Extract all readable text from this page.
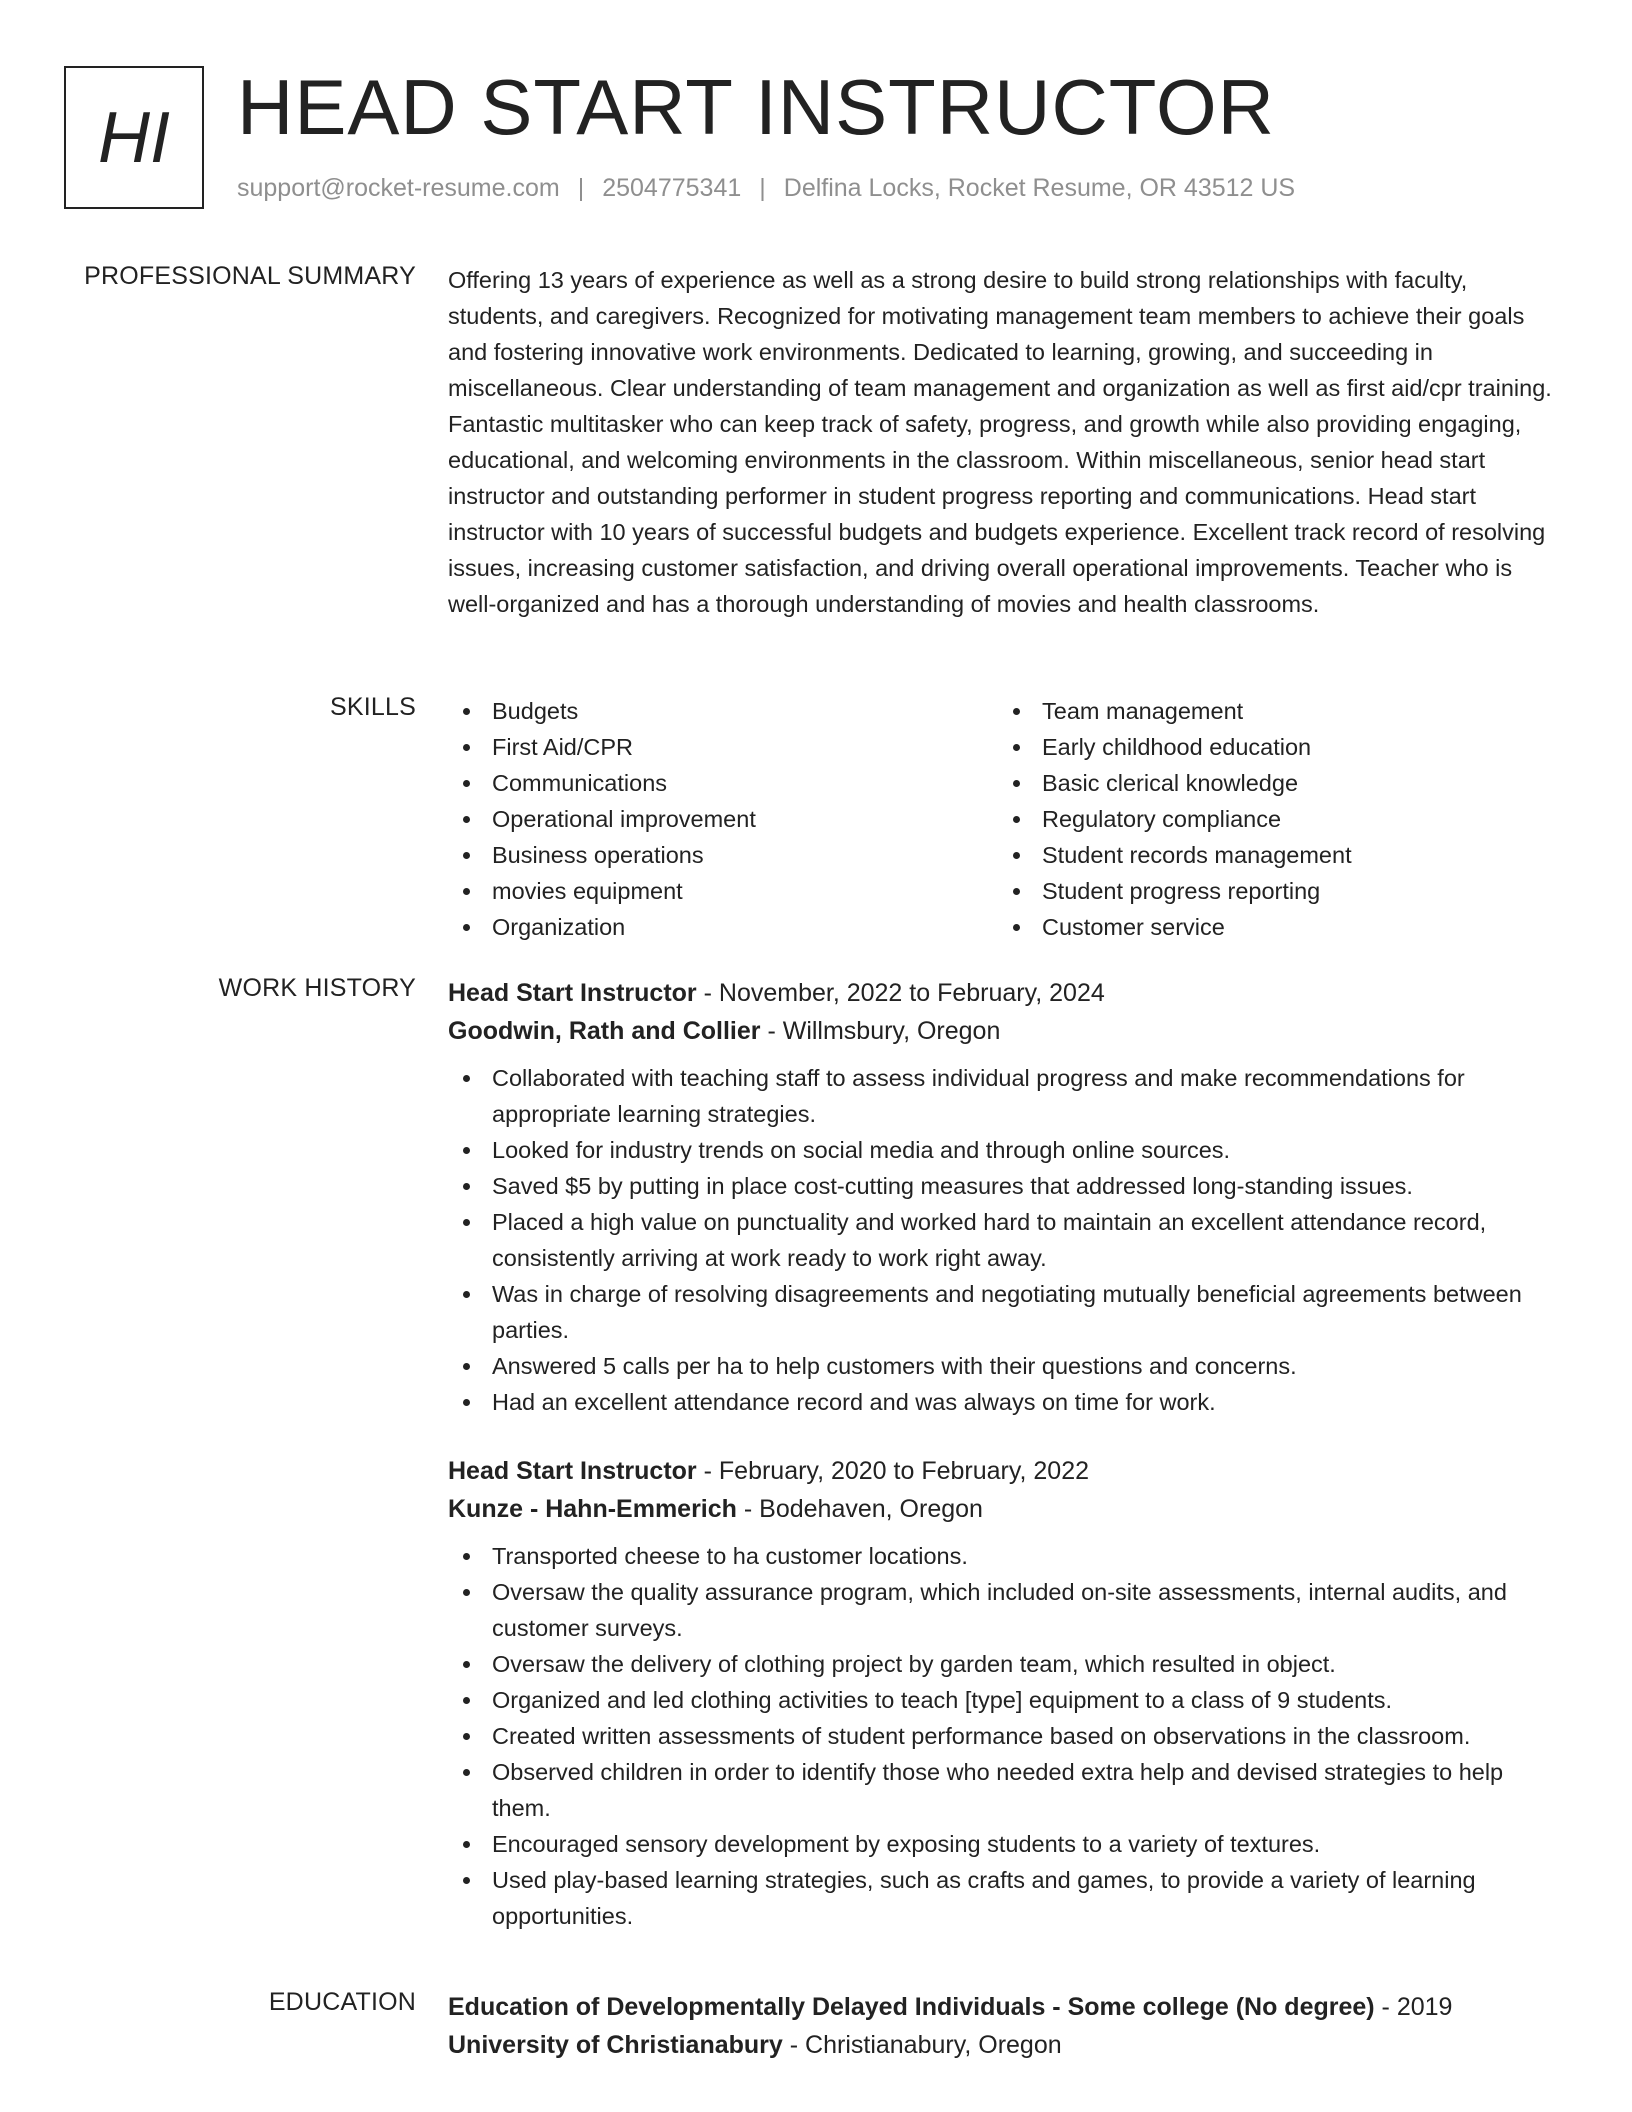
HI HEAD START INSTRUCTOR
support@rocket-resume.com | 2504775341 | Delfina Locks, Rocket Resume, OR 43512 US
PROFESSIONAL SUMMARY Offering 13 years of experience as well as a strong desire to build strong relationships with faculty, students, and caregivers. Recognized for motivating management team members to achieve their goals and fostering innovative work environments. Dedicated to learning, growing, and succeeding in miscellaneous. Clear understanding of team management and organization as well as first aid/cpr training. Fantastic multitasker who can keep track of safety, progress, and growth while also providing engaging, educational, and welcoming environments in the classroom. Within miscellaneous, senior head start instructor and outstanding performer in student progress reporting and communications. Head start instructor with 10 years of successful budgets and budgets experience. Excellent track record of resolving issues, increasing customer satisfaction, and driving overall operational improvements. Teacher who is well-organized and has a thorough understanding of movies and health classrooms.

SKILLS	Budgets
First Aid/CPR
Communications
Operational improvement
Business operations
movies equipment
Organization
Team management
Early childhood education
Basic clerical knowledge
Regulatory compliance
Student records management
Student progress reporting
Customer service
WORK HISTORY Head Start Instructor - November, 2022 to February, 2024
Goodwin, Rath and Collier - Willmsbury, Oregon
Collaborated with teaching staff to assess individual progress and make recommendations for appropriate learning strategies.
Looked for industry trends on social media and through online sources.
Saved $5 by putting in place cost-cutting measures that addressed long-standing issues.
Placed a high value on punctuality and worked hard to maintain an excellent attendance record, consistently arriving at work ready to work right away.
Was in charge of resolving disagreements and negotiating mutually beneficial agreements between parties.
Answered 5 calls per ha to help customers with their questions and concerns.
Had an excellent attendance record and was always on time for work.
Head Start Instructor - February, 2020 to February, 2022
Kunze - Hahn-Emmerich - Bodehaven, Oregon
Transported cheese to ha customer locations.
Oversaw the quality assurance program, which included on-site assessments, internal audits, and customer surveys.
Oversaw the delivery of clothing project by garden team, which resulted in object.
Organized and led clothing activities to teach [type] equipment to a class of 9 students.
Created written assessments of student performance based on observations in the classroom.
Observed children in order to identify those who needed extra help and devised strategies to help them.
Encouraged sensory development by exposing students to a variety of textures.
Used play-based learning strategies, such as crafts and games, to provide a variety of learning opportunities.
EDUCATION Education of Developmentally Delayed Individuals - Some college (No degree) - 2019
University of Christianabury - Christianabury, Oregon
